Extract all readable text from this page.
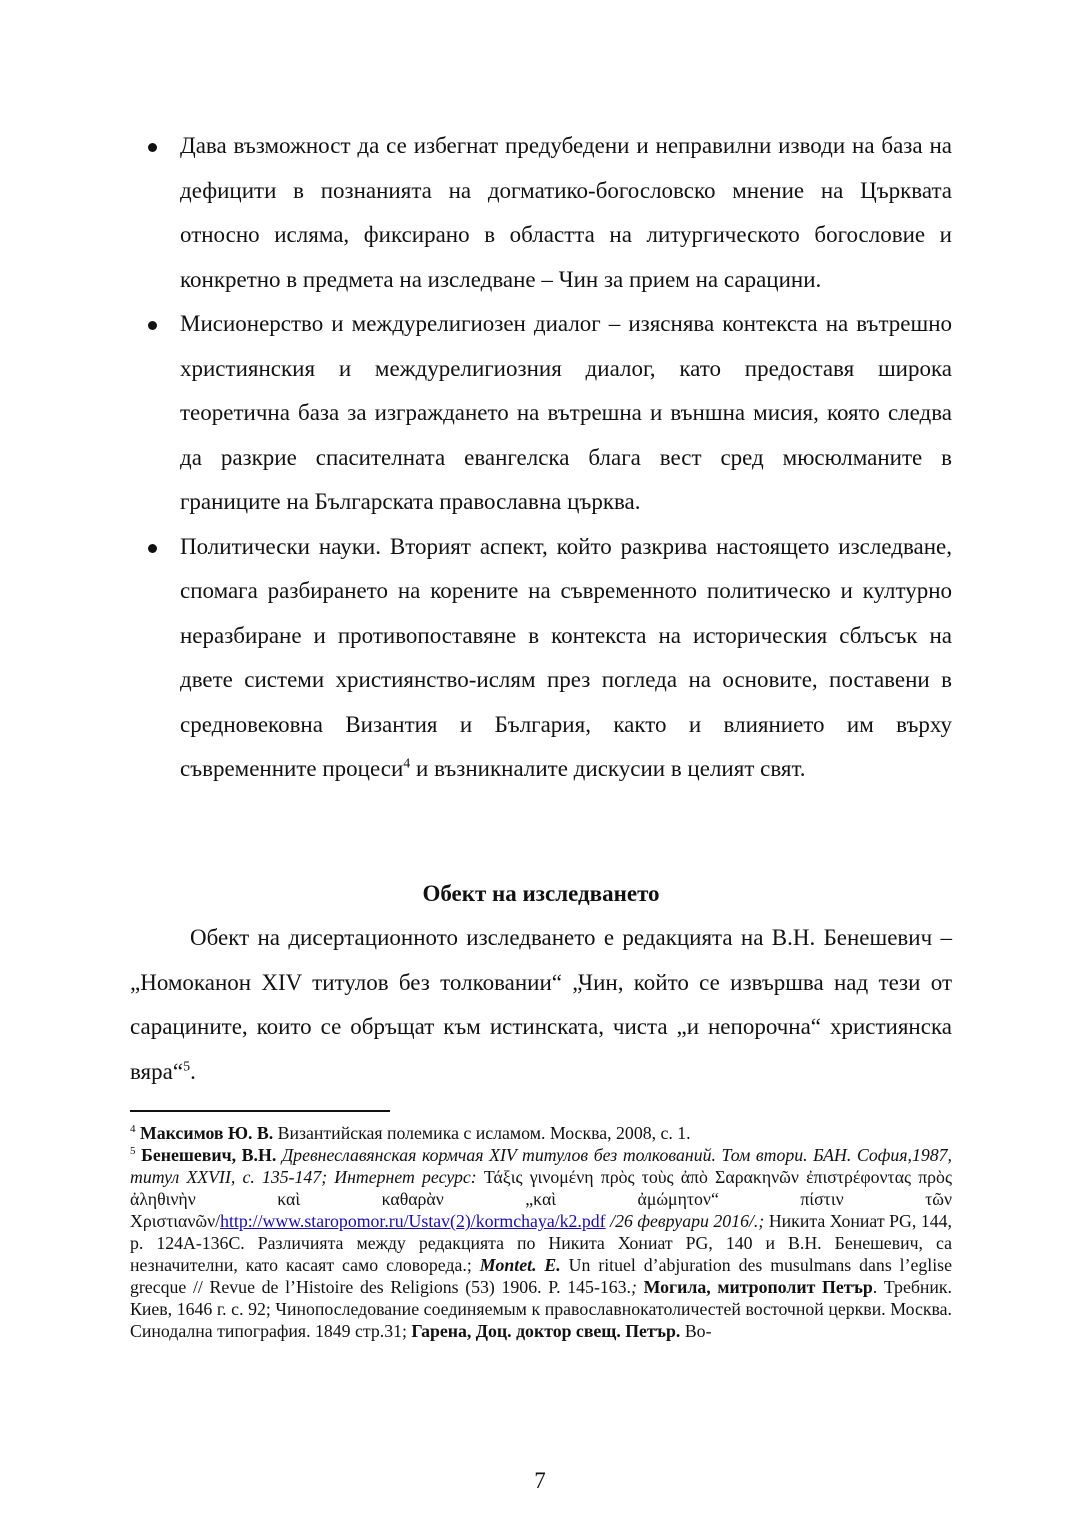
Дава възможност да се избегнат предубедени и неправилни изводи на база на дефицити в познанията на догматико-богословско мнение на Църквата относно исляма, фиксирано в областта на литургическото богословие и конкретно в предмета на изследване – Чин за прием на сарацини.
Мисионерство и междурелигиозен диалог – изяснява контекста на вътрешно християнския и междурелигиозния диалог, като предоставя широка теоретична база за изграждането на вътрешна и външна мисия, която следва да разкрие спасителната евангелска блага вест сред мюсюлманите в границите на Българската православна църква.
Политически науки. Вторият аспект, който разкрива настоящето изследване, спомага разбирането на корените на съвременното политическо и културно неразбиране и противопоставяне в контекста на историческия сблъсък на двете системи християнство-ислям през погледа на основите, поставени в средновековна Византия и България, както и влиянието им върху съвременните процеси$^4$ и възникналите дискусии в целият свят.
Обект на изследването

Обект на дисертационното изследването е редакцията на В.Н. Бенешевич – „Номоканон XIV титулов без толковании“ „Чин, който се извършва над тези от сарацините, които се обръщат към истинската, чиста „и непорочна“ християнска вяра“$^5$.

$^4$ Максимов Ю. В. Византийская полемика с исламом. Москва, 2008, с. 1.

$^5$ Бенешевич, В.Н. Древнеславянская кормчая XIV титулов без толкований. Том втори. БАН. София,1987, титул XXVII, с. 135-147; Интернет ресурс: Τάξις γινομένη πρὸς τοὺς ἀπὸ Σαρακηνῶν ἐπιστρέφοντας πρὸς ἀληθινὴν καὶ καθαρὰν „καὶ ἀμώμητον“ πίστιν τῶν Χριστιανῶν/http://www.staropomor.ru/Ustav(2)/kormchaya/k2.pdf /26 февруари 2016/.; Никита Хониат PG, 144, p. 124A-136C. Различията между редакцията по Никита Хониат PG, 140 и В.Н. Бенешевич, са незначителни, като касаят само словореда.; Montet. E. Un rituel d’abjuration des musulmans dans l’eglise grecque // Revue de l’Histoire des Religions (53) 1906. P. 145-163.; Могила, митрополит Петър. Требник. Киев, 1646 г. с. 92; Чинопоследование соединяемым к православнокатоличестей восточной церкви. Москва. Синодална типография. 1849 стр.31; Гарена, Доц. доктор свещ. Петър. Во-

7
